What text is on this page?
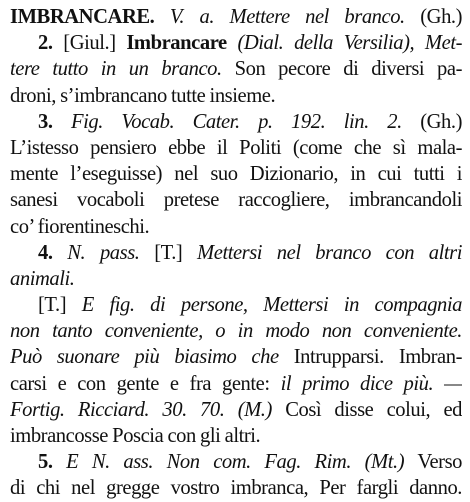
IMBRANCARE. V. a. Mettere nel branco. (Gh.)
2. [Giul.] Imbrancare (Dial. della Versilia), Met-
tere tutto in un branco. Son pecore di diversi pa-
droni, s’imbrancano tutte insieme.
3. Fig. Vocab. Cater. p. 192. lin. 2. (Gh.)
L’istesso pensiero ebbe il Politi (come che sì mala-
mente l’eseguisse) nel suo Dizionario, in cui tutti i
sanesi vocaboli pretese raccogliere, imbrancandoli
co’ fiorentineschi.
4. N. pass. [T.] Mettersi nel branco con altri
animali.
[T.] E fig. di persone, Mettersi in compagnia
non tanto conveniente, o in modo non conveniente.
Può suonare più biasimo che Intrupparsi. Imbran-
carsi e con gente e fra gente: il primo dice più. —
Fortig. Ricciard. 30. 70. (M.) Così disse colui, ed
imbrancosse Poscia con gli altri.
5. E N. ass. Non com. Fag. Rim. (Mt.) Verso
di chi nel gregge vostro imbranca, Per fargli danno.
